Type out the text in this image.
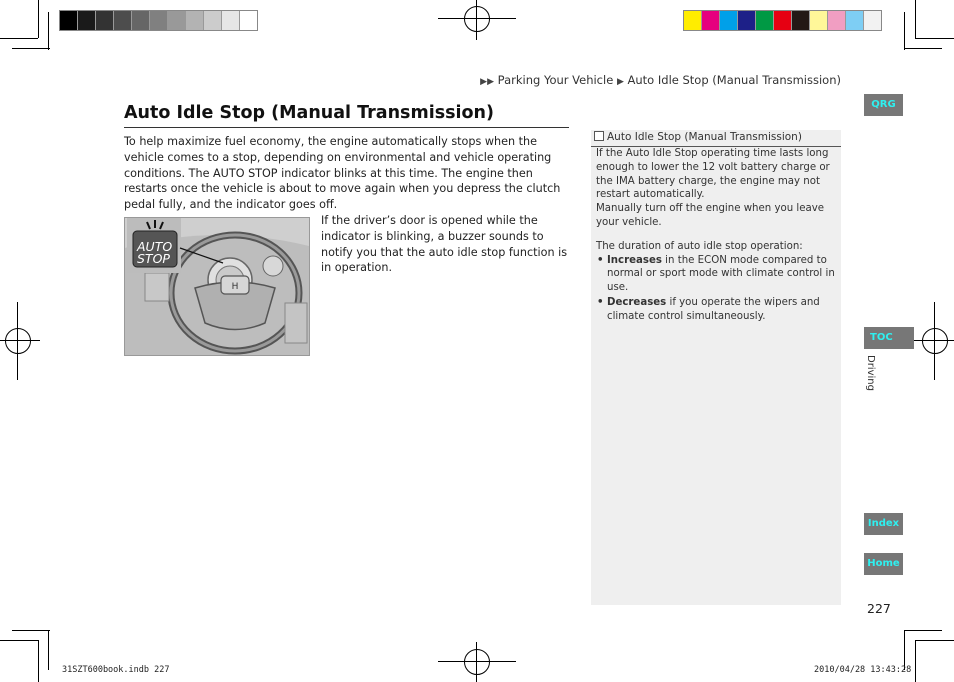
▶▶ Parking Your Vehicle ▶ Auto Idle Stop (Manual Transmission)
Auto Idle Stop (Manual Transmission)
To help maximize fuel economy, the engine automatically stops when the vehicle comes to a stop, depending on environmental and vehicle operating conditions. The AUTO STOP indicator blinks at this time. The engine then restarts once the vehicle is about to move again when you depress the clutch pedal fully, and the indicator goes off.
H
AUTO
STOP
If the driver’s door is opened while the indicator is blinking, a buzzer sounds to notify you that the auto idle stop function is in operation.
Auto Idle Stop (Manual Transmission)

If the Auto Idle Stop operating time lasts long enough to lower the 12 volt battery charge or the IMA battery charge, the engine may not restart automatically.
Manually turn off the engine when you leave your vehicle.

The duration of auto idle stop operation:

• Increases in the ECON mode compared to normal or sport mode with climate control in use.
• Decreases if you operate the wipers and climate control simultaneously.
QRG
TOC
Index
Home
Driving
227
31SZT600book.indb 227	2010/04/28 13:43:28
